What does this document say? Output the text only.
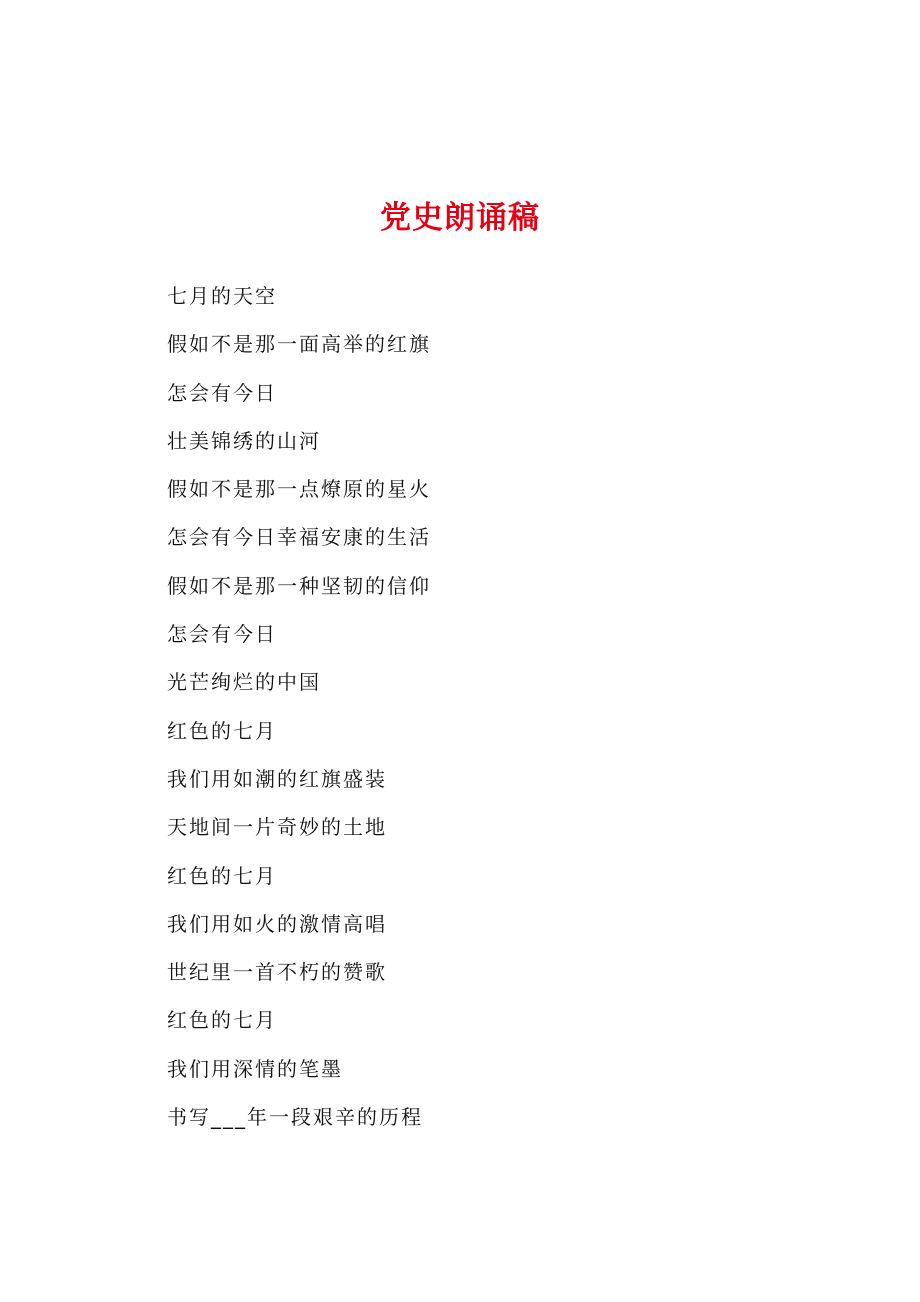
党史朗诵稿
七月的天空
假如不是那一面高举的红旗
怎会有今日
壮美锦绣的山河
假如不是那一点燎原的星火
怎会有今日幸福安康的生活
假如不是那一种坚韧的信仰
怎会有今日
光芒绚烂的中国
红色的七月
我们用如潮的红旗盛装
天地间一片奇妙的土地
红色的七月
我们用如火的激情高唱
世纪里一首不朽的赞歌
红色的七月
我们用深情的笔墨
书写___年一段艰辛的历程
